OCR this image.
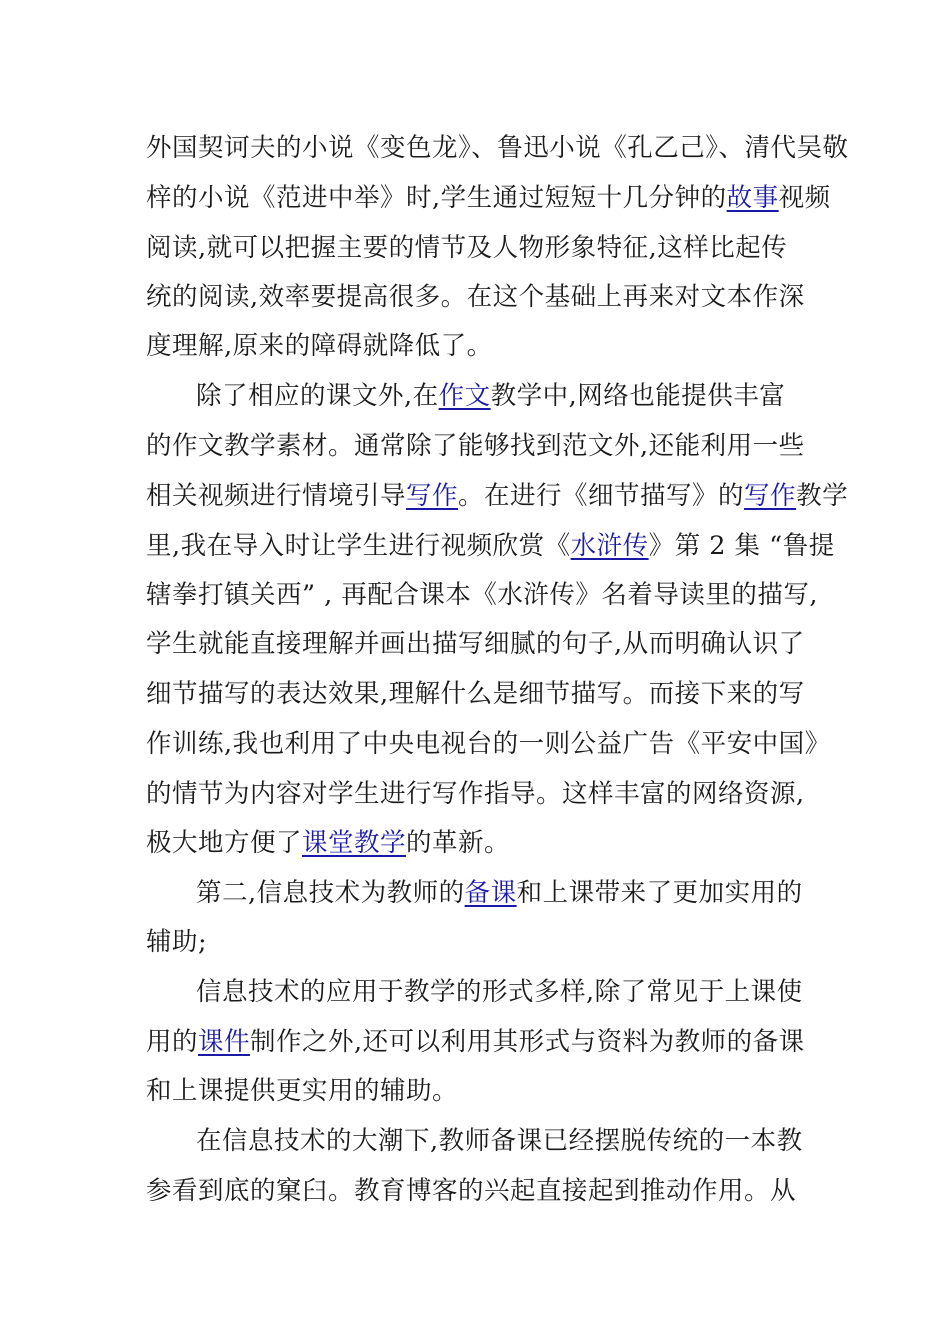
外国契诃夫的小说《变色龙》、鲁迅小说《孔乙己》、清代吴敬
梓的小说《范进中举》时,学生通过短短十几分钟的故事视频
阅读,就可以把握主要的情节及人物形象特征,这样比起传
统的阅读,效率要提高很多。在这个基础上再来对文本作深
度理解,原来的障碍就降低了。
除了相应的课文外,在作文教学中,网络也能提供丰富
的作文教学素材。通常除了能够找到范文外,还能利用一些
相关视频进行情境引导写作。在进行《细节描写》的写作教学
里,我在导入时让学生进行视频欣赏《水浒传》第 2 集 “鲁提
辖拳打镇关西” , 再配合课本《水浒传》名着导读里的描写,
学生就能直接理解并画出描写细腻的句子,从而明确认识了
细节描写的表达效果,理解什么是细节描写。而接下来的写
作训练,我也利用了中央电视台的一则公益广告《平安中国》
的情节为内容对学生进行写作指导。这样丰富的网络资源,
极大地方便了课堂教学的革新。
第二,信息技术为教师的备课和上课带来了更加实用的
辅助;
信息技术的应用于教学的形式多样,除了常见于上课使
用的课件制作之外,还可以利用其形式与资料为教师的备课
和上课提供更实用的辅助。
在信息技术的大潮下,教师备课已经摆脱传统的一本教
参看到底的窠臼。教育博客的兴起直接起到推动作用。从
